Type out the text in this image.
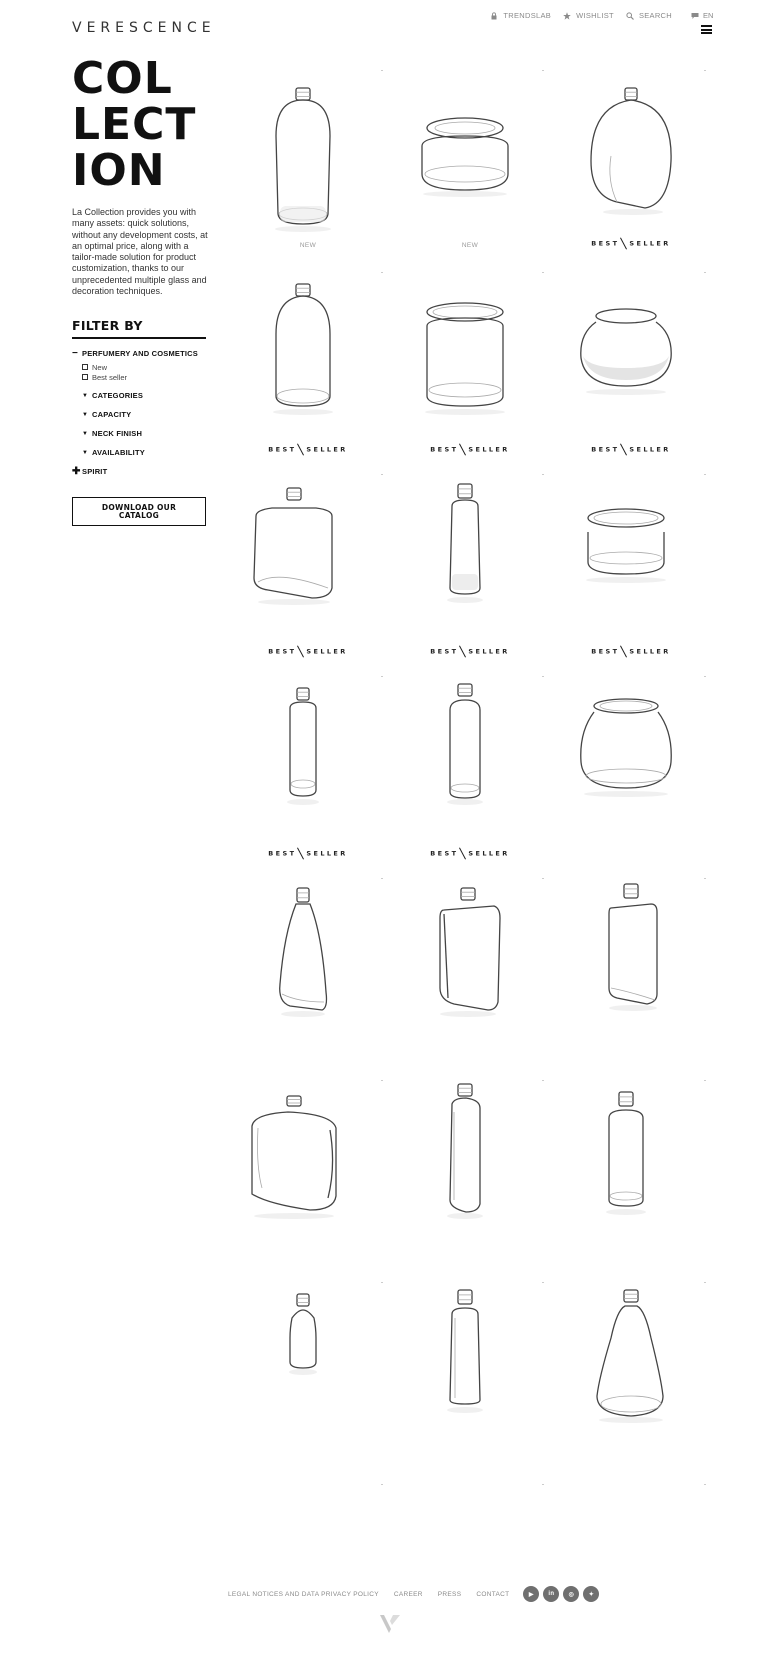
VERESCENCE
TRENDSLAB	WISHLIST	SEARCH	EN
COL
LECT
ION

La Collection provides you with many assets: quick solutions, without any development costs, at an optimal price, along with a tailor-made solution for product customization, thanks to our unprecedented multiple glass and decoration techniques.

FILTER BY
− PERFUMERY AND COSMETICS
New
Best seller
▼ CATEGORIES
▼ CAPACITY
▼ NECK FINISH
▼ AVAILABILITY
✚ SPIRIT
DOWNLOAD OUR CATALOG
NEW	NEW	BEST SELLER
BEST SELLER	BEST SELLER	BEST SELLER
BEST SELLER	BEST SELLER	BEST SELLER
BEST SELLER	BEST SELLER
LEGAL NOTICES AND DATA PRIVACY POLICY CAREER PRESS CONTACT	▶	in	◎	✦
